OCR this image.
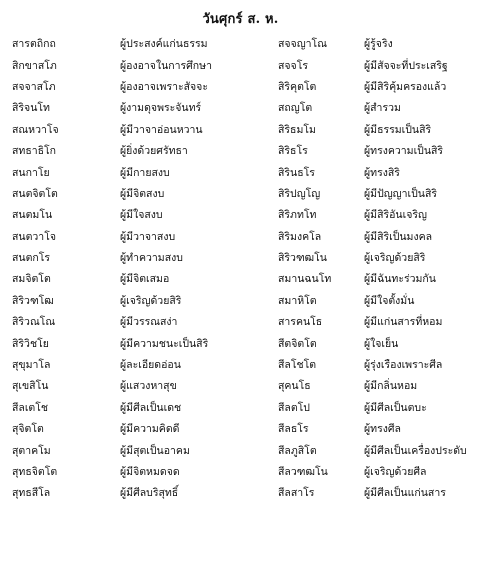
วันศุกร์ ส. ห.
สารตถิกถ	ผู้ประสงค์แก่นธรรม	สจจญาโณ	ผู้รู้จริง
สิกขาสโภ	ผู้องอาจในการศึกษา	สจจโร	ผู้มีสัจจะที่ประเสริฐ
สจจาสโภ	ผู้องอาจเพราะสัจจะ	สิริคุตโต	ผู้มีสิริคุ้มครองแล้ว
สิริจนโท	ผู้งามดุจพระจันทร์	สถญโต	ผู้สำรวม
สณหวาโจ	ผู้มีวาจาอ่อนหวาน	สิริธมโม	ผู้มีธรรมเป็นสิริ
สทธาธิโก	ผู้ยิ่งด้วยศรัทธา	สิริธโร	ผู้ทรงความเป็นสิริ
สนกาโย	ผู้มีกายสงบ	สิรินธโร	ผู้ทรงสิริ
สนตจิตโต	ผู้มีจิตสงบ	สิริปญโญ	ผู้มีปัญญาเป็นสิริ
สนตมโน	ผู้มีใจสงบ	สิริภทโท	ผู้มีสิริอันเจริญ
สนตวาโจ	ผู้มีวาจาสงบ	สิริมงคโล	ผู้มีสิริเป็นมงคล
สนตกโร	ผู้ทำความสงบ	สิริวฑฒโน	ผู้เจริญด้วยสิริ
สมจิตโต	ผู้มีจิตเสมอ	สมานฉนโท	ผู้มีฉันทะร่วมกัน
สิริวฑโฒ	ผู้เจริญด้วยสิริ	สมาหิโต	ผู้มีใจตั้งมั่น
สิริวณโณ	ผู้มีวรรณสง่า	สารคนโธ	ผู้มีแก่นสารที่หอม
สิริวิชโย	ผู้มีความชนะเป็นสิริ	สีตจิตโต	ผู้ใจเย็น
สุขุมาโล	ผู้ละเอียดอ่อน	สีลโชโต	ผู้รุ่งเรืองเพราะศีล
สุเขสิโน	ผู้แสวงหาสุข	สุคนโธ	ผู้มีกลิ่นหอม
สีลเตโช	ผู้มีศีลเป็นเดช	สีลตโป	ผู้มีศีลเป็นตบะ
สุจิตโต	ผู้มีความคิดดี	สีลธโร	ผู้ทรงศีล
สุตาคโม	ผู้มีสุตเป็นอาคม	สีลภูสิโต	ผู้มีศีลเป็นเครื่องประดับ
สุทธจิตโต	ผู้มีจิตหมดจด	สีลวฑฒโน	ผู้เจริญด้วยศีล
สุทธสีโล	ผู้มีศีลบริสุทธิ์	สีลสาโร	ผู้มีศีลเป็นแก่นสาร
